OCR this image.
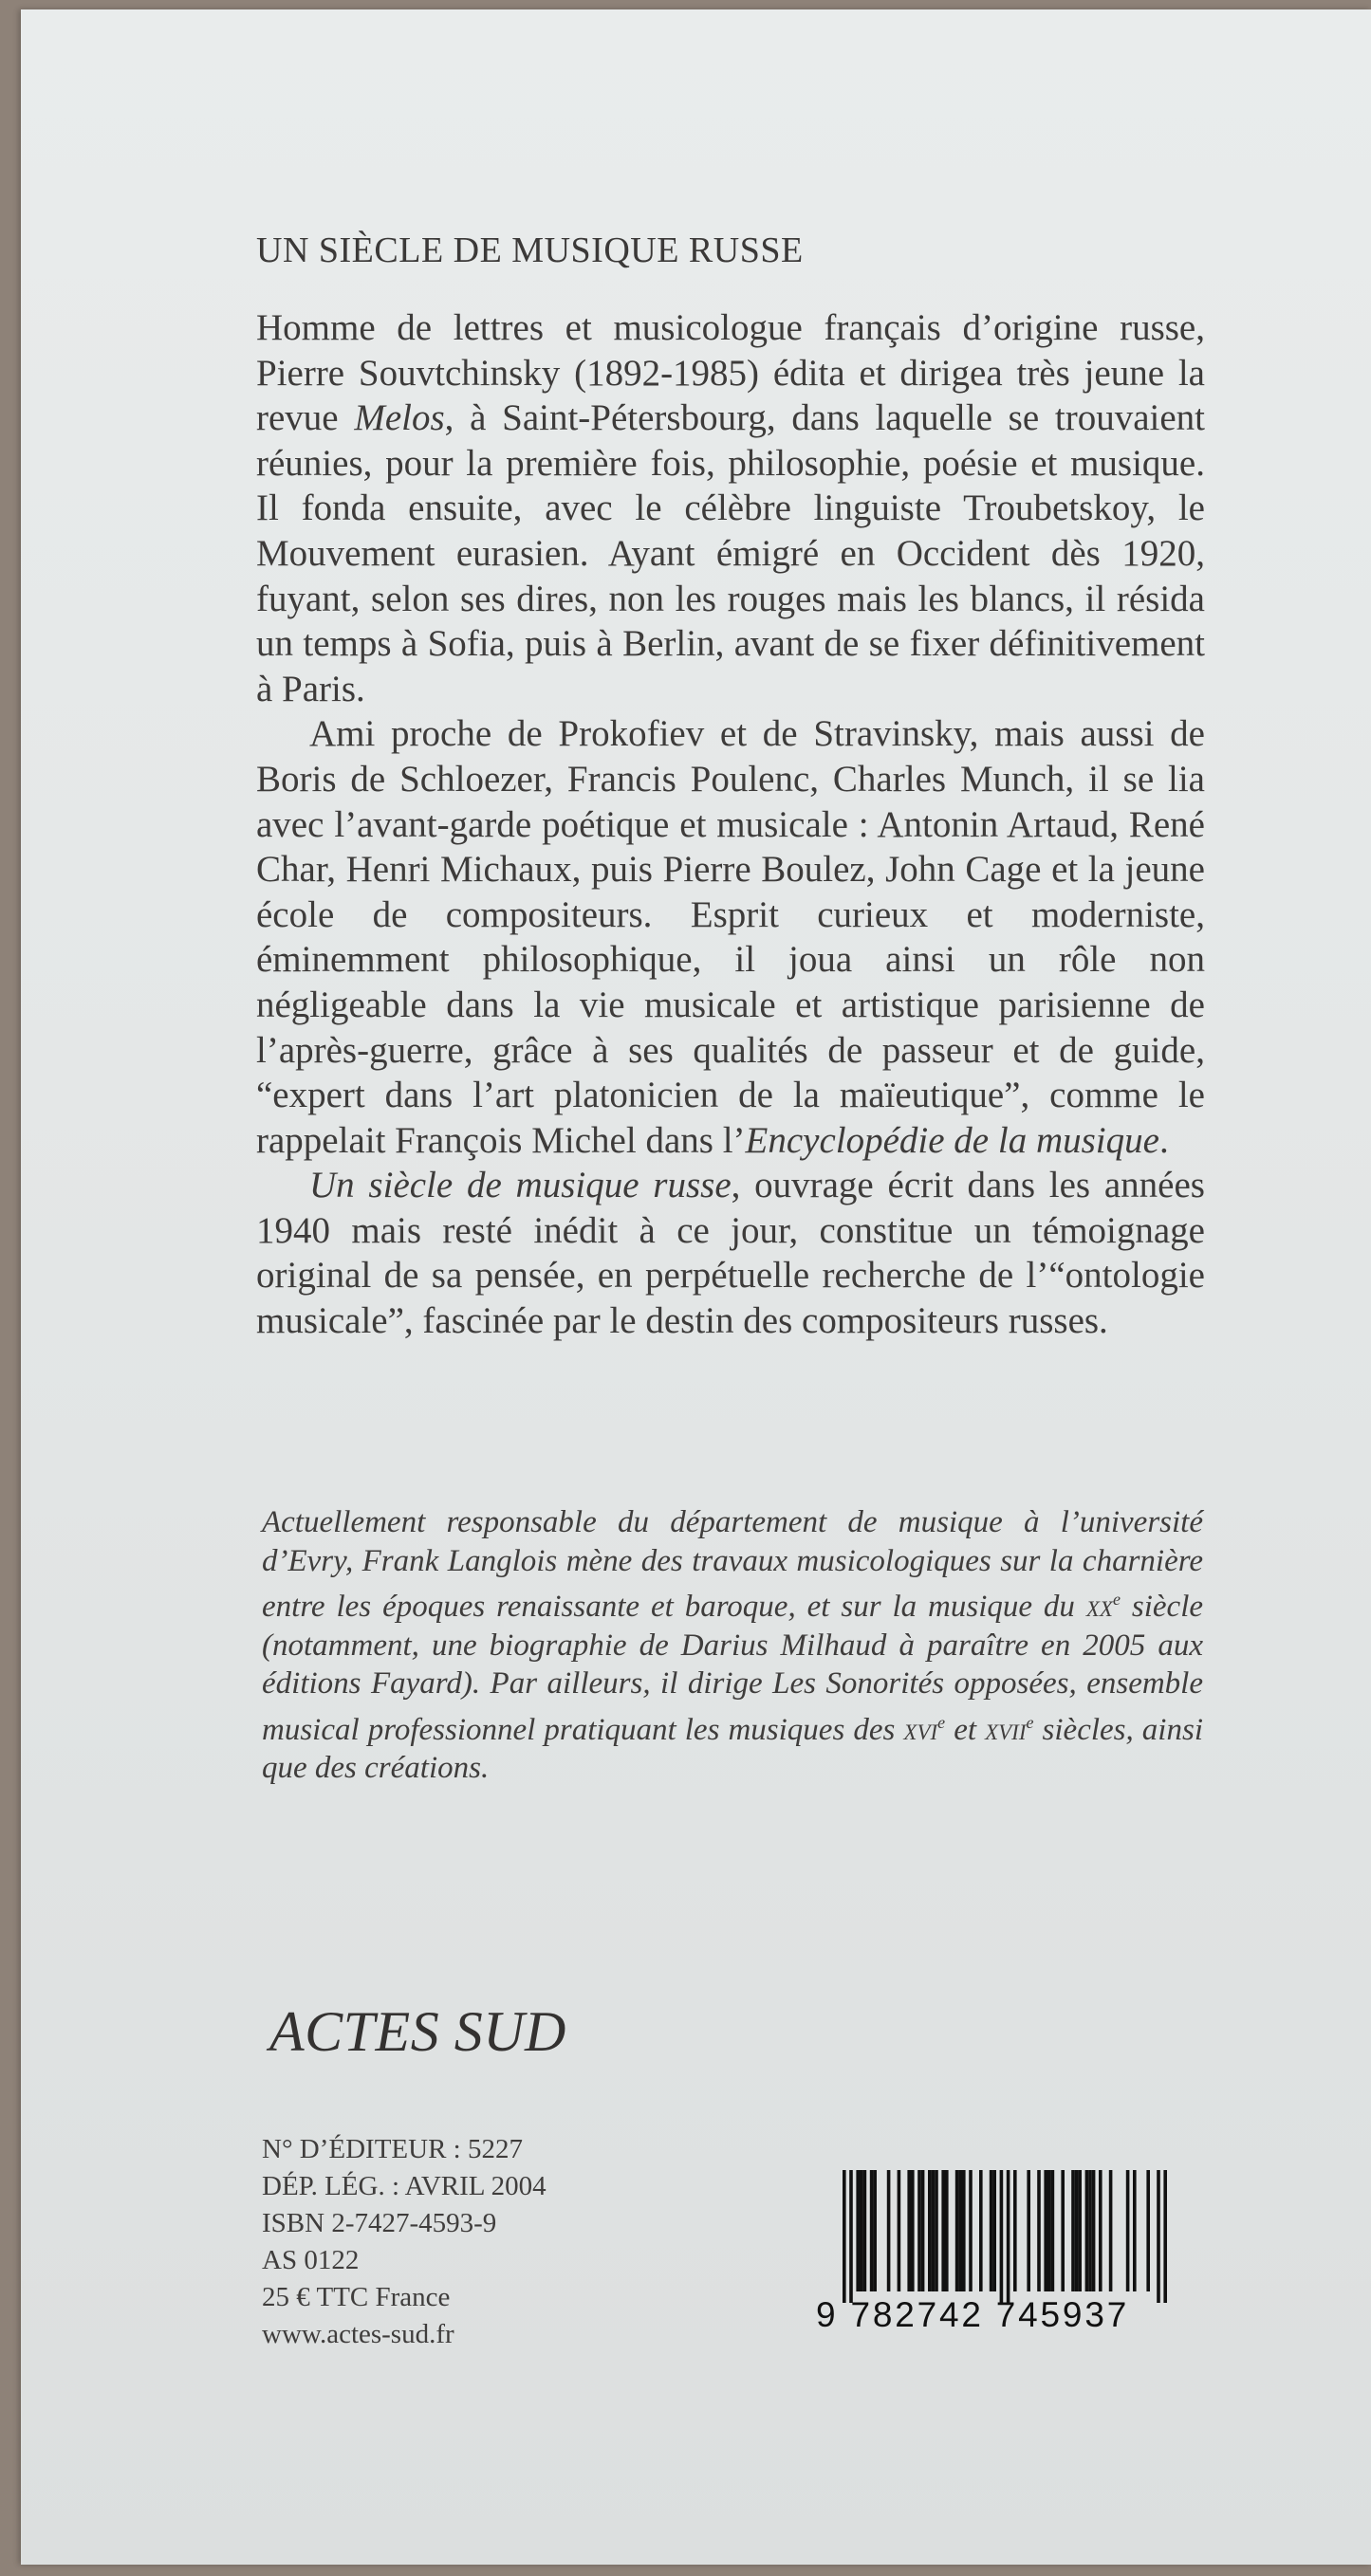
UN SIÈCLE DE MUSIQUE RUSSE

Homme de lettres et musicologue français d’origine russe, Pierre Souvtchinsky (1892-1985) édita et dirigea très jeune la revue Melos, à Saint-Pétersbourg, dans laquelle se trouvaient réunies, pour la première fois, philosophie, poésie et musique. Il fonda ensuite, avec le célèbre linguiste Troubetskoy, le Mouvement eurasien. Ayant émigré en Occident dès 1920, fuyant, selon ses dires, non les rouges mais les blancs, il résida un temps à Sofia, puis à Berlin, avant de se fixer définitivement à Paris.

Ami proche de Prokofiev et de Stravinsky, mais aussi de Boris de Schloezer, Francis Poulenc, Charles Munch, il se lia avec l’avant-garde poétique et musicale : Antonin Artaud, René Char, Henri Michaux, puis Pierre Boulez, John Cage et la jeune école de compositeurs. Esprit curieux et moderniste, éminemment philosophique, il joua ainsi un rôle non négligeable dans la vie musicale et artistique parisienne de l’après-guerre, grâce à ses qualités de passeur et de guide, “expert dans l’art platonicien de la maïeutique”, comme le rappelait François Michel dans l’Encyclopédie de la musique.

Un siècle de musique russe, ouvrage écrit dans les années 1940 mais resté inédit à ce jour, constitue un témoignage original de sa pensée, en perpétuelle recherche de l’“ontologie musicale”, fascinée par le destin des compositeurs russes.

Actuellement responsable du département de musique à l’université d’Evry, Frank Langlois mène des travaux musicologiques sur la charnière entre les époques renaissante et baroque, et sur la musique du $xx^e$ siècle (notamment, une biographie de Darius Milhaud à paraître en 2005 aux éditions Fayard). Par ailleurs, il dirige Les Sonorités opposées, ensemble musical professionnel pratiquant les musiques des xvi$^e$ et xvii$^e$ siècles, ainsi que des créations.

ACTES SUD
N° D’ÉDITEUR : 5227
DÉP. LÉG. : AVRIL 2004
ISBN 2-7427-4593-9
AS 0122
25 € TTC France
www.actes-sud.fr	9 782742 745937
